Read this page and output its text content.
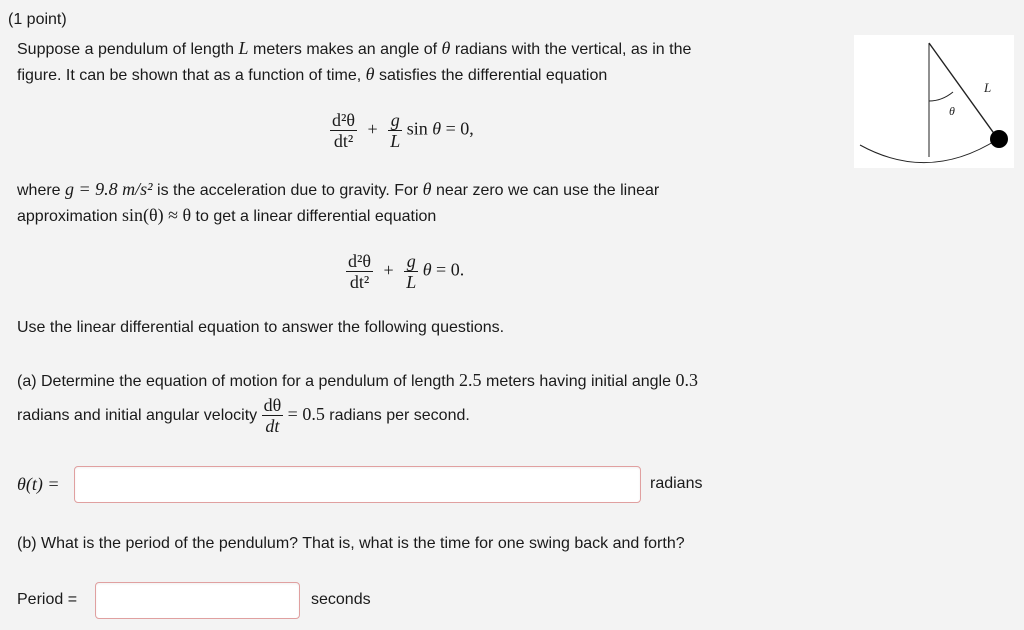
(1 point)
Suppose a pendulum of length L meters makes an angle of θ radians with the vertical, as in the
figure. It can be shown that as a function of time, θ satisfies the differential equation
$\frac{\text{d²θ}}{\text{dt²}} + \frac{g}{L}$ sin θ = 0,
where g = 9.8 m/s² is the acceleration due to gravity. For θ near zero we can use the linear
approximation sin(θ) ≈ θ to get a linear differential equation
$\frac{\text{d²θ}}{\text{dt²}} + \frac{g}{L}$ θ = 0.
Use the linear differential equation to answer the following questions.
(a) Determine the equation of motion for a pendulum of length 2.5 meters having initial angle 0.3
radians and initial angular velocity $\frac{d\theta}{dt} = 0.5$ radians per second.
θ(t) =	radians
(b) What is the period of the pendulum? That is, what is the time for one swing back and forth?
Period =	seconds
L
θ
